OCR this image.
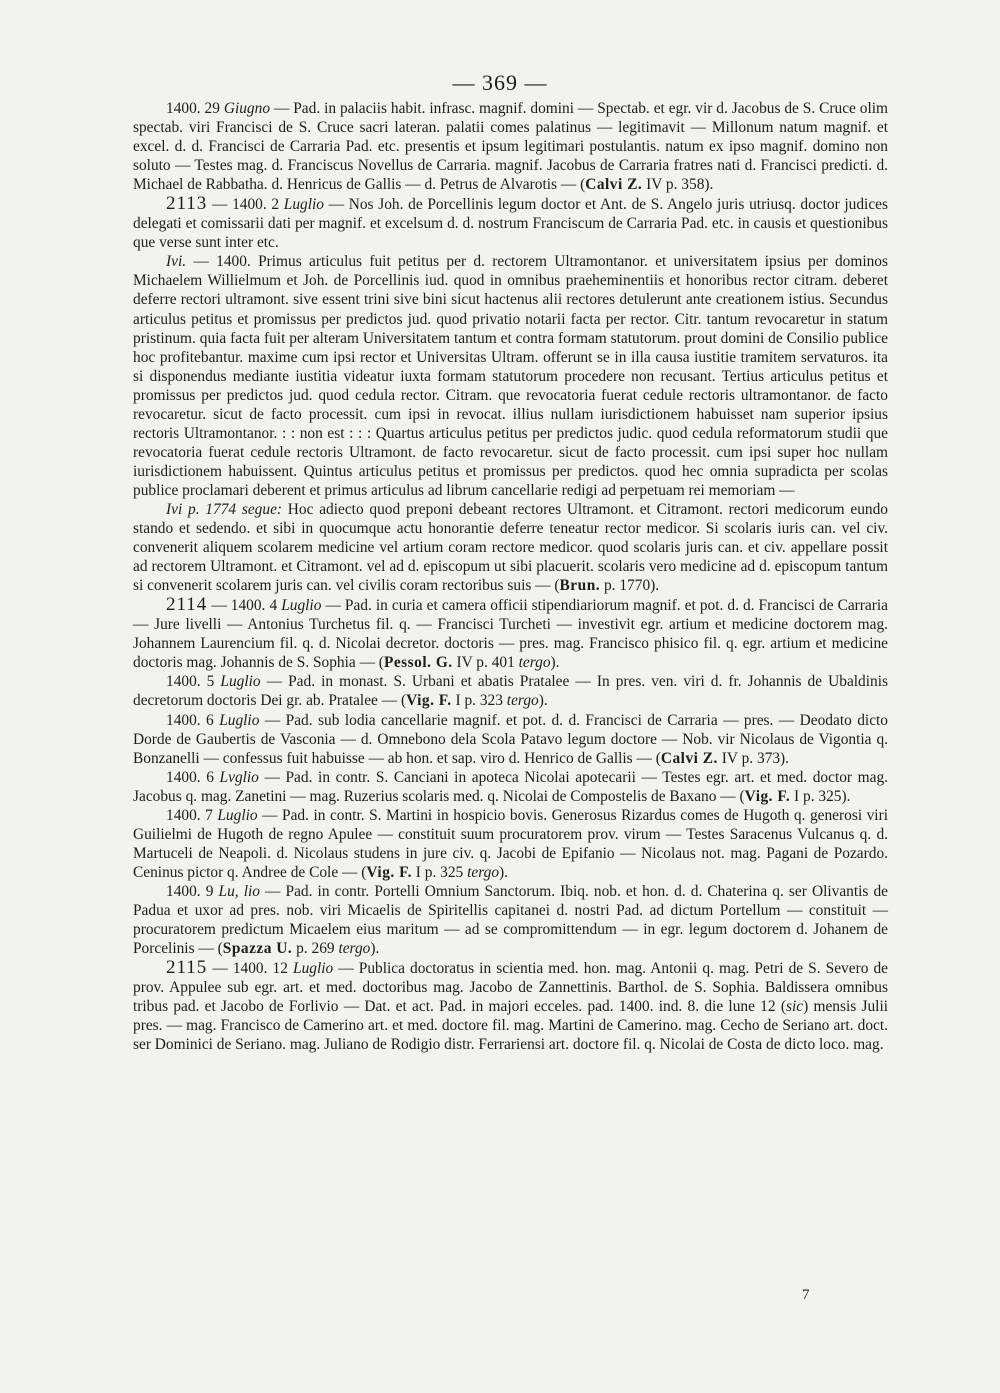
— 369 —

1400. 29 Giugno — Pad. in palaciis habit. infrasc. magnif. domini — Spectab. et egr. vir d. Jacobus de S. Cruce olim spectab. viri Francisci de S. Cruce sacri lateran. palatii comes palatinus — legitimavit — Millonum natum magnif. et excel. d. d. Francisci de Carraria Pad. etc. presentis et ipsum legitimari postulantis. natum ex ipso magnif. domino non soluto — Testes mag. d. Franciscus Novellus de Carraria. magnif. Jacobus de Carraria fratres nati d. Francisci predicti. d. Michael de Rabbatha. d. Henricus de Gallis — d. Petrus de Alvarotis — (Calvi Z. IV p. 358).

2113 — 1400. 2 Luglio — Nos Joh. de Porcellinis legum doctor et Ant. de S. Angelo juris utriusq. doctor judices delegati et comissarii dati per magnif. et excelsum d. d. nostrum Franciscum de Carraria Pad. etc. in causis et questionibus que verse sunt inter etc.

Ivi. — 1400. Primus articulus fuit petitus per d. rectorem Ultramontanor. et universitatem ipsius per dominos Michaelem Willielmum et Joh. de Porcellinis iud. quod in omnibus praeheminentiis et honoribus rector citram. deberet deferre rectori ultramont. sive essent trini sive bini sicut hactenus alii rectores detulerunt ante creationem istius. Secundus articulus petitus et promissus per predictos jud. quod privatio notarii facta per rector. Citr. tantum revocaretur in statum pristinum. quia facta fuit per alteram Universitatem tantum et contra formam statutorum. prout domini de Consilio publice hoc profitebantur. maxime cum ipsi rector et Universitas Ultram. offerunt se in illa causa iustitie tramitem servaturos. ita si disponendus mediante iustitia videatur iuxta formam statutorum procedere non recusant. Tertius articulus petitus et promissus per predictos jud. quod cedula rector. Citram. que revocatoria fuerat cedule rectoris ultramontanor. de facto revocaretur. sicut de facto processit. cum ipsi in revocat. illius nullam iurisdictionem habuisset nam superior ipsius rectoris Ultramontanor. : : non est : : : Quartus articulus petitus per predictos judic. quod cedula reformatorum studii que revocatoria fuerat cedule rectoris Ultramont. de facto revocaretur. sicut de facto processit. cum ipsi super hoc nullam iurisdictionem habuissent. Quintus articulus petitus et promissus per predictos. quod hec omnia supradicta per scolas publice proclamari deberent et primus articulus ad librum cancellarie redigi ad perpetuam rei memoriam —

Ivi p. 1774 segue: Hoc adiecto quod preponi debeant rectores Ultramont. et Citramont. rectori medicorum eundo stando et sedendo. et sibi in quocumque actu honorantie deferre teneatur rector medicor. Si scolaris iuris can. vel civ. convenerit aliquem scolarem medicine vel artium coram rectore medicor. quod scolaris juris can. et civ. appellare possit ad rectorem Ultramont. et Citramont. vel ad d. episcopum ut sibi placuerit. scolaris vero medicine ad d. episcopum tantum si convenerit scolarem juris can. vel civilis coram rectoribus suis — (Brun. p. 1770).

2114 — 1400. 4 Luglio — Pad. in curia et camera officii stipendiariorum magnif. et pot. d. d. Francisci de Carraria — Jure livelli — Antonius Turchetus fil. q. — Francisci Turcheti — investivit egr. artium et medicine doctorem mag. Johannem Laurencium fil. q. d. Nicolai decretor. doctoris — pres. mag. Francisco phisico fil. q. egr. artium et medicine doctoris mag. Johannis de S. Sophia — (Pessol. G. IV p. 401 tergo).

1400. 5 Luglio — Pad. in monast. S. Urbani et abatis Pratalee — In pres. ven. viri d. fr. Johannis de Ubaldinis decretorum doctoris Dei gr. ab. Pratalee — (Vig. F. I p. 323 tergo).

1400. 6 Luglio — Pad. sub lodia cancellarie magnif. et pot. d. d. Francisci de Carraria — pres. — Deodato dicto Dorde de Gaubertis de Vasconia — d. Omnebono dela Scola Patavo legum doctore — Nob. vir Nicolaus de Vigontia q. Bonzanelli — confessus fuit habuisse — ab hon. et sap. viro d. Henrico de Gallis — (Calvi Z. IV p. 373).

1400. 6 Lvglio — Pad. in contr. S. Canciani in apoteca Nicolai apotecarii — Testes egr. art. et med. doctor mag. Jacobus q. mag. Zanetini — mag. Ruzerius scolaris med. q. Nicolai de Compostelis de Baxano — (Vig. F. I p. 325).

1400. 7 Luglio — Pad. in contr. S. Martini in hospicio bovis. Generosus Rizardus comes de Hugoth q. generosi viri Guilielmi de Hugoth de regno Apulee — constituit suum procuratorem prov. virum — Testes Saracenus Vulcanus q. d. Martuceli de Neapoli. d. Nicolaus studens in jure civ. q. Jacobi de Epifanio — Nicolaus not. mag. Pagani de Pozardo. Ceninus pictor q. Andree de Cole — (Vig. F. I p. 325 tergo).

1400. 9 Lu, lio — Pad. in contr. Portelli Omnium Sanctorum. Ibiq. nob. et hon. d. d. Chaterina q. ser Olivantis de Padua et uxor ad pres. nob. viri Micaelis de Spiritellis capitanei d. nostri Pad. ad dictum Portellum — constituit — procuratorem predictum Micaelem eius maritum — ad se compromittendum — in egr. legum doctorem d. Johanem de Porcelinis — (Spazza U. p. 269 tergo).

2115 — 1400. 12 Luglio — Publica doctoratus in scientia med. hon. mag. Antonii q. mag. Petri de S. Severo de prov. Appulee sub egr. art. et med. doctoribus mag. Jacobo de Zannettinis. Barthol. de S. Sophia. Baldissera omnibus tribus pad. et Jacobo de Forlivio — Dat. et act. Pad. in majori ecceles. pad. 1400. ind. 8. die lune 12 (sic) mensis Julii pres. — mag. Francisco de Camerino art. et med. doctore fil. mag. Martini de Camerino. mag. Cecho de Seriano art. doct. ser Dominici de Seriano. mag. Juliano de Rodigio distr. Ferrariensi art. doctore fil. q. Nicolai de Costa de dicto loco. mag.

7
